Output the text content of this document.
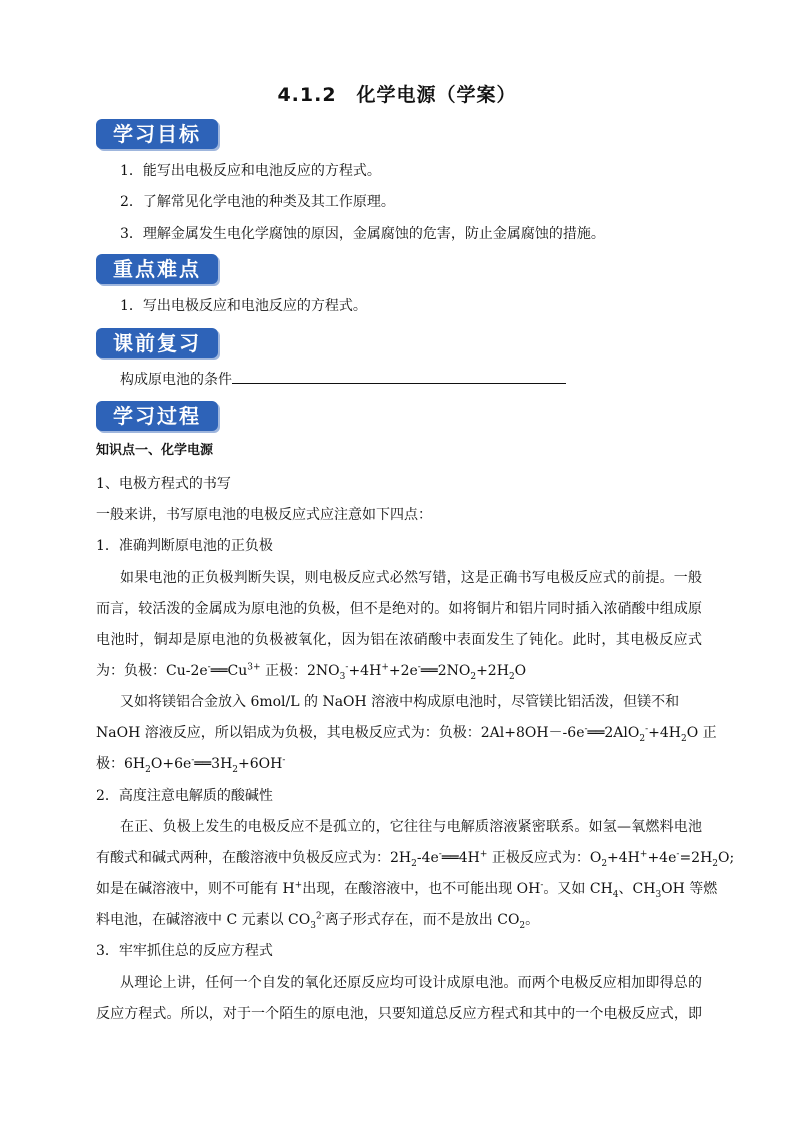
4.1.2　化学电源（学案）
学习目标
1．能写出电极反应和电池反应的方程式。
2．了解常见化学电池的种类及其工作原理。
3．理解金属发生电化学腐蚀的原因，金属腐蚀的危害，防止金属腐蚀的措施。
重点难点
1．写出电极反应和电池反应的方程式。
课前复习
构成原电池的条件
学习过程
知识点一、化学电源
1、电极方程式的书写
一般来讲，书写原电池的电极反应式应注意如下四点：
1．准确判断原电池的正负极
如果电池的正负极判断失误，则电极反应式必然写错，这是正确书写电极反应式的前提。一般
而言，较活泼的金属成为原电池的负极，但不是绝对的。如将铜片和铝片同时插入浓硝酸中组成原
电池时，铜却是原电池的负极被氧化，因为铝在浓硝酸中表面发生了钝化。此时，其电极反应式
为：负极：$Cu-2e^-══Cu^{3+}$ 正极：$2NO_3^-+4H^++2e^-══2NO_2+2H_2O$
又如将镁铝合金放入 6mol/L 的 NaOH 溶液中构成原电池时，尽管镁比铝活泼，但镁不和
NaOH 溶液反应，所以铝成为负极，其电极反应式为：负极：$2Al+8OH--6e^-══2AlO_2^-+4H_2O$ 正
极：$6H_2O+6e^-══3H_2+6OH^-$
2．高度注意电解质的酸碱性
在正、负极上发生的电极反应不是孤立的，它往往与电解质溶液紧密联系。如氢—氧燃料电池
有酸式和碱式两种，在酸溶液中负极反应式为：$2H_2-4e^-══4H^+$ 正极反应式为：$O_2+4H^++4e^-=2H_2O$;
如是在碱溶液中，则不可能有 H+出现，在酸溶液中，也不可能出现 OH-。又如 $CH_4$、$CH_3OH$ 等燃
料电池，在碱溶液中 C 元素以 $CO_3^{2-}$离子形式存在，而不是放出 $CO_2$。
3．牢牢抓住总的反应方程式
从理论上讲，任何一个自发的氧化还原反应均可设计成原电池。而两个电极反应相加即得总的
反应方程式。所以，对于一个陌生的原电池，只要知道总反应方程式和其中的一个电极反应式，即
